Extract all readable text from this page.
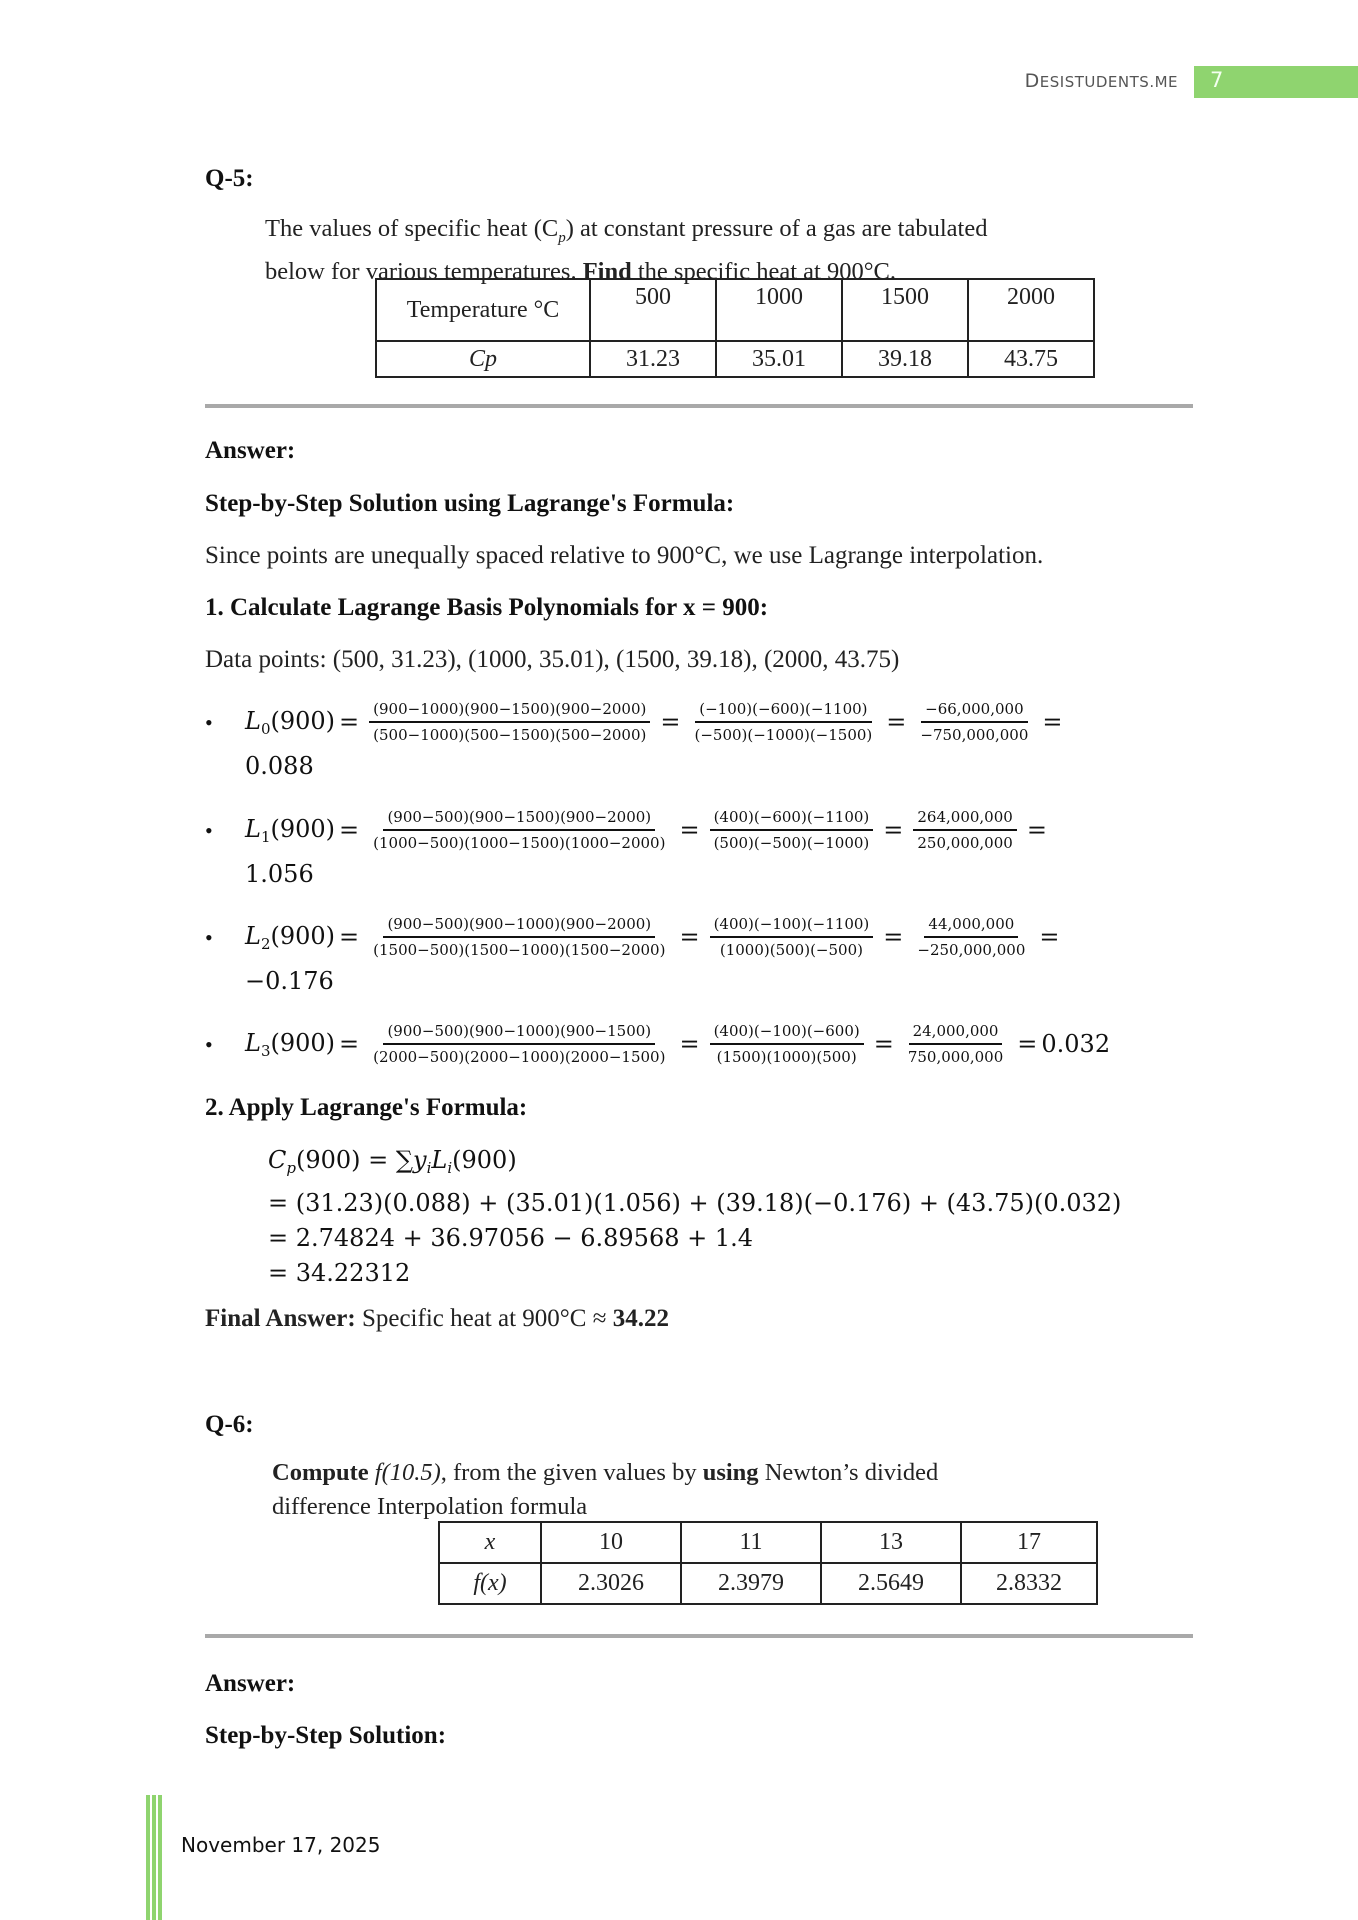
DESISTUDENTS.ME 7
Q-5:
The values of specific heat $(C_p)$ at constant pressure of a gas are tabulated
below for various temperatures. Find the specific heat at 900°C.
Temperature °C	500	1000	1500	2000
Cp	31.23	35.01	39.18	43.75
Answer:
Step-by-Step Solution using Lagrange's Formula:
Since points are unequally spaced relative to 900°C, we use Lagrange interpolation.
1. Calculate Lagrange Basis Polynomials for x = 900:
Data points: (500, 31.23), (1000, 35.01), (1500, 39.18), (2000, 43.75)
• $L_0(900) = \frac{(900-1000)(900-1500)(900-2000)}{(500-1000)(500-1500)(500-2000)} = \frac{(-100)(-600)(-1100)}{(-500)(-1000)(-1500)} = \frac{-66,000,000}{-750,000,000}$ =
0.088
• $L_1(900) = \frac{(900-500)(900-1500)(900-2000)}{(1000-500)(1000-1500)(1000-2000)} = \frac{(400)(-600)(-1100)}{(500)(-500)(-1000)} = \frac{264,000,000}{250,000,000}$ =
1.056
• $L_2(900) = \frac{(900-500)(900-1000)(900-2000)}{(1500-500)(1500-1000)(1500-2000)} = \frac{(400)(-100)(-1100)}{(1000)(500)(-500)} = \frac{44,000,000}{-250,000,000}$ =
−0.176
• $L_3(900) = \frac{(900-500)(900-1000)(900-1500)}{(2000-500)(2000-1000)(2000-1500)} = \frac{(400)(-100)(-600)}{(1500)(1000)(500)} = \frac{24,000,000}{750,000,000} = 0.032$
2. Apply Lagrange's Formula:
$C_p(900) = \sum y_iL_i(900)$
= (31.23)(0.088) + (35.01)(1.056) + (39.18)(−0.176) + (43.75)(0.032)
= 2.74824 + 36.97056 − 6.89568 + 1.4
= 34.22312
Final Answer: Specific heat at 900°C ≈ 34.22
Q-6:
Compute f(10.5), from the given values by using Newton’s divided
difference Interpolation formula
x	10	11	13	17
f(x)	2.3026	2.3979	2.5649	2.8332
Answer:
Step-by-Step Solution:
November 17, 2025
